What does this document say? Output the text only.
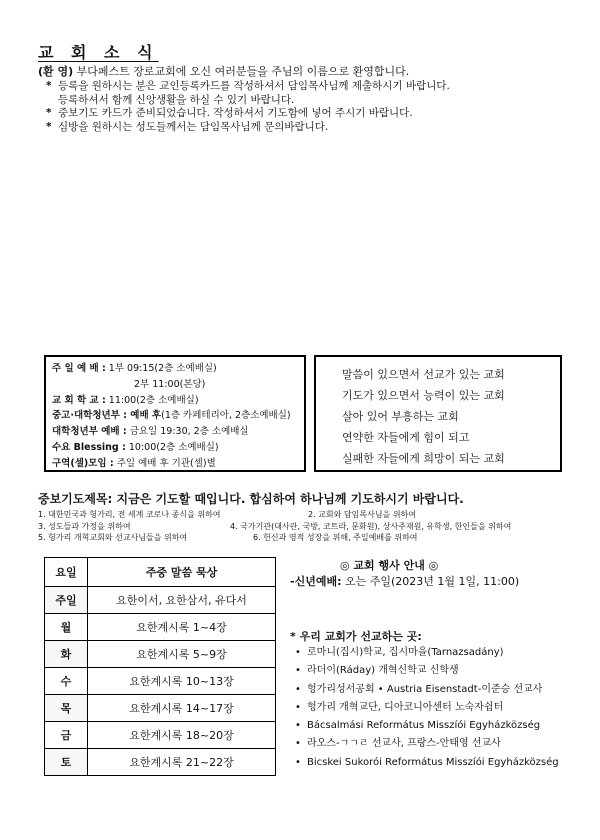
교 회 소 식
(환 영) 부다페스트 장로교회에 오신 여러분들을 주님의 이름으로 환영합니다.
* 등록을 원하시는 분은 교인등록카드를 작성하셔서 담임목사님께 제출하시기 바랍니다.
등록하셔서 함께 신앙생활을 하실 수 있기 바랍니다.
* 중보기도 카드가 준비되었습니다. 작성하셔서 기도함에 넣어 주시기 바랍니다.
* 심방을 원하시는 성도들께서는 담임목사님께 문의바랍니다.
주 일 예 배 : 1부 09:15(2층 소예배실)
2부 11:00(본당)
교 회 학 교 : 11:00(2층 소예배실)
중고·대학청년부 : 예배 후(1층 카페테리아, 2층소예배실)
대학청년부 예배 : 금요일 19:30, 2층 소예배실
수요 Blessing : 10:00(2층 소예배실)
구역(셀)모임 : 주일 예배 후 기관(셀)별
말씀이 있으면서 선교가 있는 교회
기도가 있으면서 능력이 있는 교회
살아 있어 부흥하는 교회
연약한 자들에게 힘이 되고
실패한 자들에게 희망이 되는 교회
중보기도제목: 지금은 기도할 때입니다. 합심하여 하나님께 기도하시기 바랍니다.
1. 대한민국과 헝가리, 전 세계 코로나 종식을 위하여	2. 교회와 담임목사님을 위하여
3. 성도들과 가정을 위하여	4. 국가기관(대사관, 국방, 코트라, 문화원), 상사주재원, 유학생, 한인들을 위하여
5. 헝가리 개혁교회와 선교사님들을 위하여	6. 헌신과 영적 성장을 위해, 주일예배를 위하여
요일	주중 말씀 묵상
주일	요한이서, 요한삼서, 유다서
월	요한계시록 1~4장
화	요한계시록 5~9장
수	요한계시록 10~13장
목	요한계시록 14~17장
금	요한계시록 18~20장
토	요한계시록 21~22장
◎ 교회 행사 안내 ◎
-신년예배: 오는 주일(2023년 1월 1일, 11:00)
* 우리 교회가 선교하는 곳:
• 로마니(집시)학교, 집시마을(Tarnazsadány)
• 라더이(Ráday) 개혁신학교 신학생
• 헝가리성서공회 • Austria Eisenstadt-이준승 선교사
• 헝가리 개혁교단, 디아코니아센터 노숙자쉼터
• Bácsalmási Református Misszíói Egyházközség
• 라오스-ㄱㄱㄹ 선교사, 프랑스-안태영 선교사
• Bicskei Sukorói Református Misszíói Egyházközség
